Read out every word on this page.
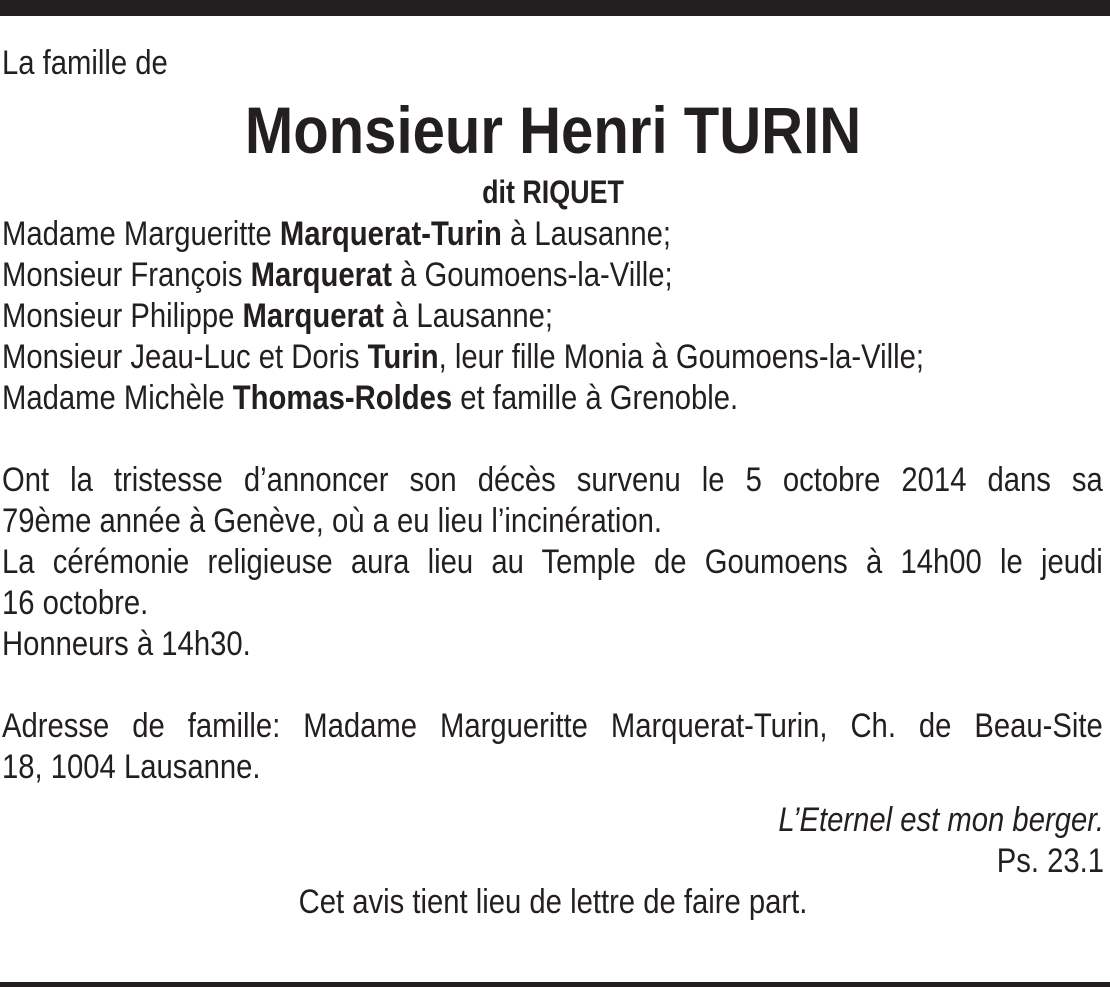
La famille de
Monsieur Henri TURIN
dit RIQUET
Madame Margueritte Marquerat-Turin à Lausanne;
Monsieur François Marquerat à Goumoens-la-Ville;
Monsieur Philippe Marquerat à Lausanne;
Monsieur Jeau-Luc et Doris Turin, leur fille Monia à Goumoens-la-Ville;
Madame Michèle Thomas-Roldes et famille à Grenoble.
Ont la tristesse d’annoncer son décès survenu le 5 octobre 2014 dans sa
79ème année à Genève, où a eu lieu l’incinération.
La cérémonie religieuse aura lieu au Temple de Goumoens à 14h00 le jeudi
16 octobre.
Honneurs à 14h30.
Adresse de famille: Madame Margueritte Marquerat-Turin, Ch. de Beau-Site
18, 1004 Lausanne.
L’Eternel est mon berger.
Ps. 23.1
Cet avis tient lieu de lettre de faire part.
